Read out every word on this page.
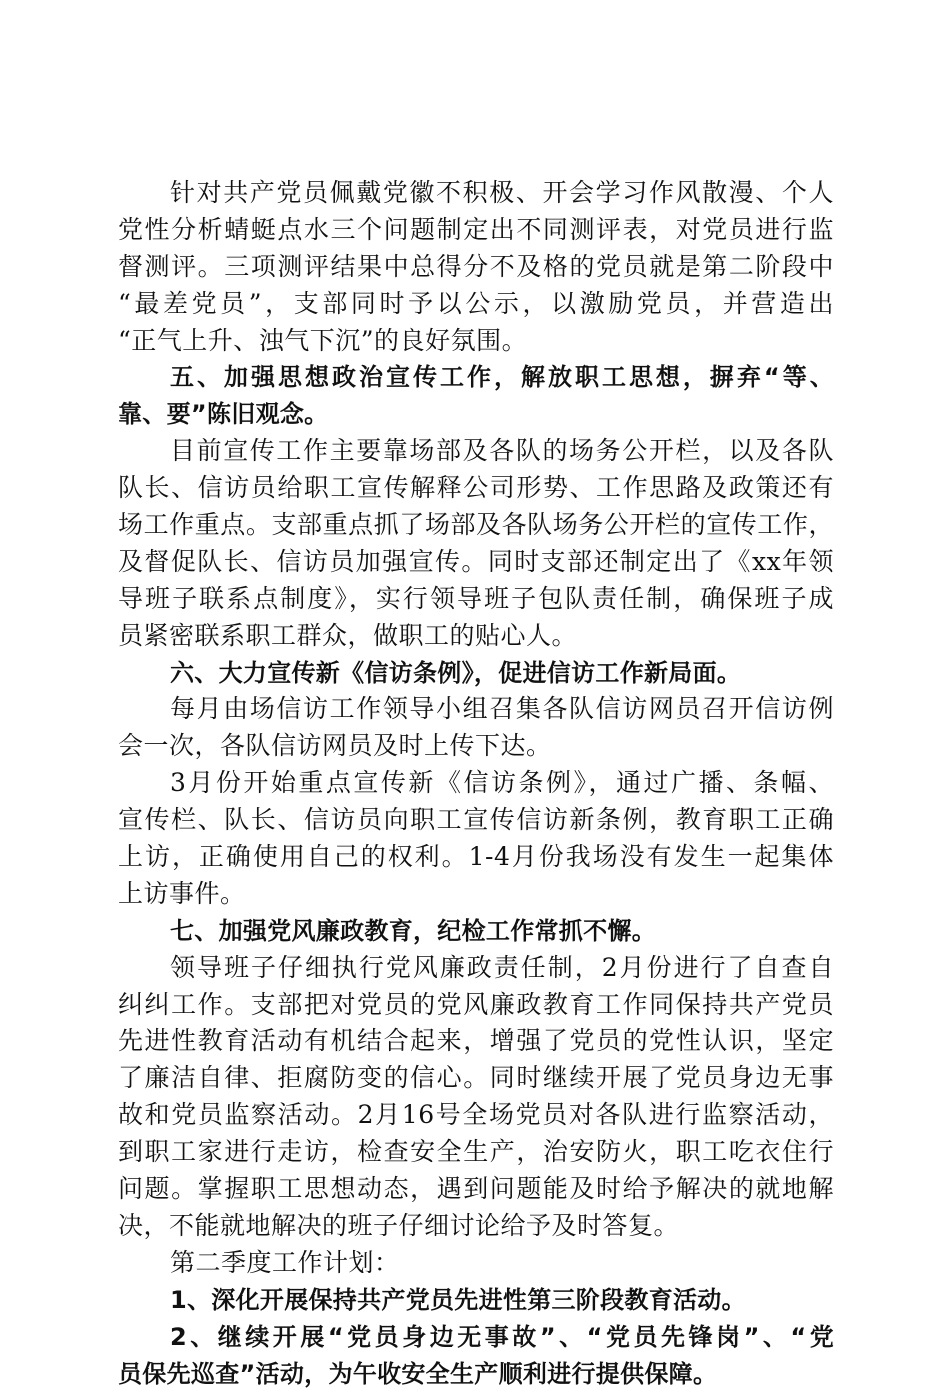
针对共产党员佩戴党徽不积极、开会学习作风散漫、个人
党性分析蜻蜓点水三个问题制定出不同测评表，对党员进行监
督测评。三项测评结果中总得分不及格的党员就是第二阶段中
“最差党员”，支部同时予以公示，以激励党员，并营造出
“正气上升、浊气下沉”的良好氛围。
五、加强思想政治宣传工作，解放职工思想，摒弃“等、
靠、要”陈旧观念。
目前宣传工作主要靠场部及各队的场务公开栏，以及各队
队长、信访员给职工宣传解释公司形势、工作思路及政策还有
场工作重点。支部重点抓了场部及各队场务公开栏的宣传工作，
及督促队长、信访员加强宣传。同时支部还制定出了《xx年领
导班子联系点制度》，实行领导班子包队责任制，确保班子成
员紧密联系职工群众，做职工的贴心人。
六、大力宣传新《信访条例》，促进信访工作新局面。
每月由场信访工作领导小组召集各队信访网员召开信访例
会一次，各队信访网员及时上传下达。
3月份开始重点宣传新《信访条例》，通过广播、条幅、
宣传栏、队长、信访员向职工宣传信访新条例，教育职工正确
上访，正确使用自己的权利。1-4月份我场没有发生一起集体
上访事件。
七、加强党风廉政教育，纪检工作常抓不懈。
领导班子仔细执行党风廉政责任制，2月份进行了自查自
纠纠工作。支部把对党员的党风廉政教育工作同保持共产党员
先进性教育活动有机结合起来，增强了党员的党性认识，坚定
了廉洁自律、拒腐防变的信心。同时继续开展了党员身边无事
故和党员监察活动。2月16号全场党员对各队进行监察活动，
到职工家进行走访，检查安全生产，治安防火，职工吃衣住行
问题。掌握职工思想动态，遇到问题能及时给予解决的就地解
决，不能就地解决的班子仔细讨论给予及时答复。
第二季度工作计划：
1、深化开展保持共产党员先进性第三阶段教育活动。
2、继续开展“党员身边无事故”、“党员先锋岗”、“党
员保先巡查”活动，为午收安全生产顺利进行提供保障。
